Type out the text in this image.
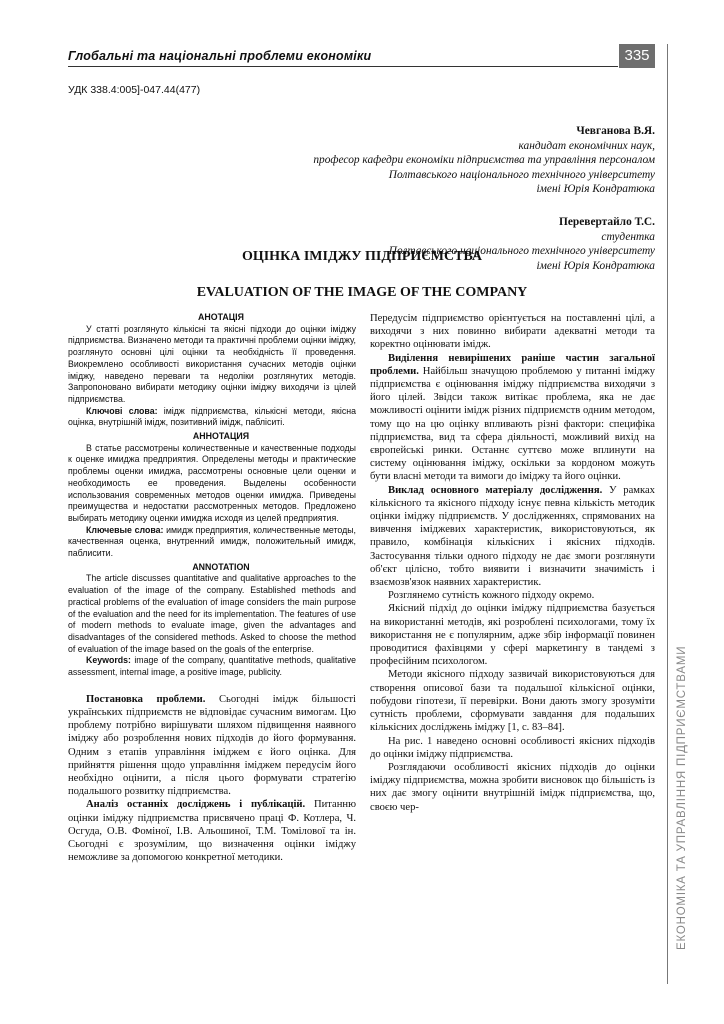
Глобальні та національні проблеми економіки	335
УДК 338.4:005]-047.44(477)
Чевганова В.Я.
кандидат економічних наук,
професор кафедри економіки підприємства та управління персоналом
Полтавського національного технічного університету
імені Юрія Кондратюка
Перевертайло Т.С.
студентка
Полтавського національного технічного університету
імені Юрія Кондратюка
ОЦІНКА ІМІДЖУ ПІДПРИЄМСТВА
EVALUATION OF THE IMAGE OF THE COMPANY

АНОТАЦІЯ

У статті розглянуто кількісні та якісні підходи до оцінки іміджу підприємства. Визначено методи та практичні проблеми оцінки іміджу, розглянуто основні цілі оцінки та необхідність її проведення. Виокремлено особливості використання сучасних методів оцінки іміджу, наведено переваги та недоліки розглянутих методів. Запропоновано вибирати методику оцінки іміджу виходячи із цілей підприємства.

Ключові слова: імідж підприємства, кількісні методи, якісна оцінка, внутрішній імідж, позитивний імідж, пабліситі.

АННОТАЦИЯ

В статье рассмотрены количественные и качественные подходы к оценке имиджа предприятия. Определены методы и практические проблемы оценки имиджа, рассмотрены основные цели оценки и необходимость ее проведения. Выделены особенности использования современных методов оценки имиджа. Приведены преимущества и недостатки рассмотренных методов. Предложено выбирать методику оценки имиджа исходя из целей предприятия.

Ключевые слова: имидж предприятия, количественные методы, качественная оценка, внутренний имидж, положительный имидж, паблисити.

ANNOTATION

The article discusses quantitative and qualitative approaches to the evaluation of the image of the company. Established methods and practical problems of the evaluation of image considers the main purpose of the evaluation and the need for its implementation. The features of use of modern methods to evaluate image, given the advantages and disadvantages of the considered methods. Asked to choose the method of evaluation of the image based on the goals of the enterprise.

Keywords: image of the company, quantitative methods, qualitative assessment, internal image, a positive image, publicity.

Постановка проблеми. Сьогодні імідж більшості українських підприємств не відповідає сучасним вимогам. Цю проблему потрібно вирішувати шляхом підвищення наявного іміджу або розроблення нових підходів до його формування. Одним з етапів управління іміджем є його оцінка. Для прийняття рішення щодо управління іміджем передусім його необхідно оцінити, а після цього формувати стратегію подальшого розвитку підприємства.

Аналіз останніх досліджень і публікацій. Питанню оцінки іміджу підприємства присвячено праці Ф. Котлера, Ч. Осгуда, О.В. Фоміної, І.В. Альошиної, Т.М. Томілової та ін. Сьогодні є зрозумілим, що визначення оцінки іміджу неможливе за допомогою конкретної методики.

Передусім підприємство орієнтується на поставленні цілі, а виходячи з них повинно вибирати адекватні методи та коректно оцінювати імідж.

Виділення невирішених раніше частин загальної проблеми. Найбільш значущою проблемою у питанні іміджу підприємства є оцінювання іміджу підприємства виходячи з його цілей. Звідси також витікає проблема, яка не дає можливості оцінити імідж різних підприємств одним методом, тому що на цю оцінку впливають різні фактори: специфіка підприємства, вид та сфера діяльності, можливий вихід на європейські ринки. Останнє суттєво може вплинути на систему оцінювання іміджу, оскільки за кордоном можуть бути власні методи та вимоги до іміджу та його оцінки.

Виклад основного матеріалу дослідження. У рамках кількісного та якісного підходу існує певна кількість методик оцінки іміджу підприємств. У дослідженнях, спрямованих на вивчення іміджевих характеристик, використовуються, як правило, комбінація кількісних і якісних підходів. Застосування тільки одного підходу не дає змоги розглянути об'єкт цілісно, тобто виявити і визначити значимість і взаємозв'язок наявних характеристик.

Розглянемо сутність кожного підходу окремо.

Якісний підхід до оцінки іміджу підприємства базується на використанні методів, які розроблені психологами, тому їх використання не є популярним, адже збір інформації повинен проводитися фахівцями у сфері маркетингу в тандемі з професійним психологом.

Методи якісного підходу зазвичай використовуються для створення описової бази та подальшої кількісної оцінки, побудови гіпотези, її перевірки. Вони дають змогу зрозуміти сутність проблеми, сформувати завдання для подальших кількісних досліджень іміджу [1, с. 83–84].

На рис. 1 наведено основні особливості якісних підходів до оцінки іміджу підприємства.

Розглядаючи особливості якісних підходів до оцінки іміджу підприємства, можна зробити висновок що більшість із них дає змогу оцінити внутрішній імідж підприємства, що, своєю чер-	ЕКОНОМІКА ТА УПРАВЛІННЯ ПІДПРИЄМСТВАМИ
